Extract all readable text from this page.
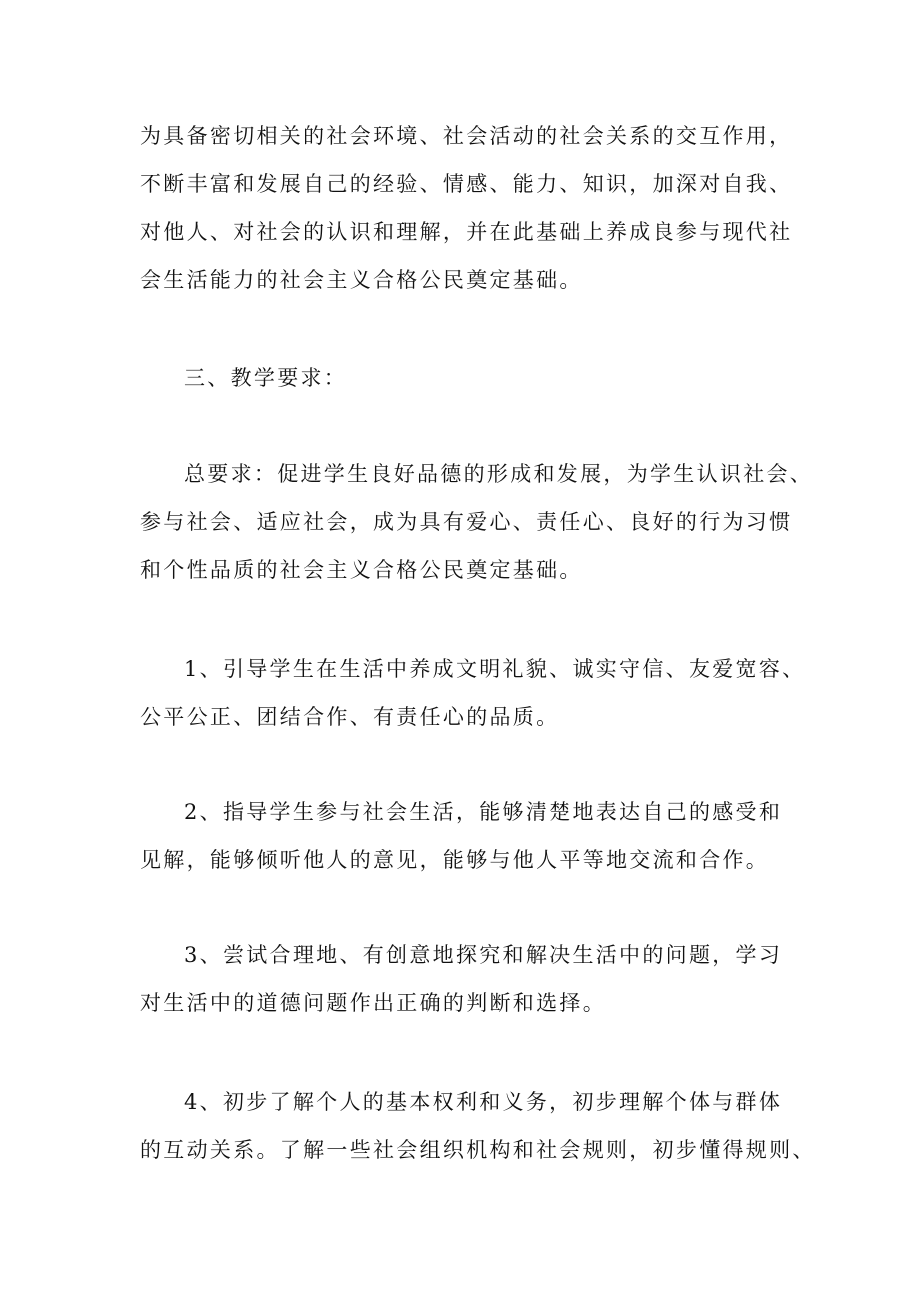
为具备密切相关的社会环境、社会活动的社会关系的交互作用，
不断丰富和发展自己的经验、情感、能力、知识，加深对自我、
对他人、对社会的认识和理解，并在此基础上养成良参与现代社
会生活能力的社会主义合格公民奠定基础。
三、教学要求：
总要求：促进学生良好品德的形成和发展，为学生认识社会、
参与社会、适应社会，成为具有爱心、责任心、良好的行为习惯
和个性品质的社会主义合格公民奠定基础。
1、引导学生在生活中养成文明礼貌、诚实守信、友爱宽容、
公平公正、团结合作、有责任心的品质。
2、指导学生参与社会生活，能够清楚地表达自己的感受和
见解，能够倾听他人的意见，能够与他人平等地交流和合作。
3、尝试合理地、有创意地探究和解决生活中的问题，学习
对生活中的道德问题作出正确的判断和选择。
4、初步了解个人的基本权利和义务，初步理解个体与群体
的互动关系。了解一些社会组织机构和社会规则，初步懂得规则、
